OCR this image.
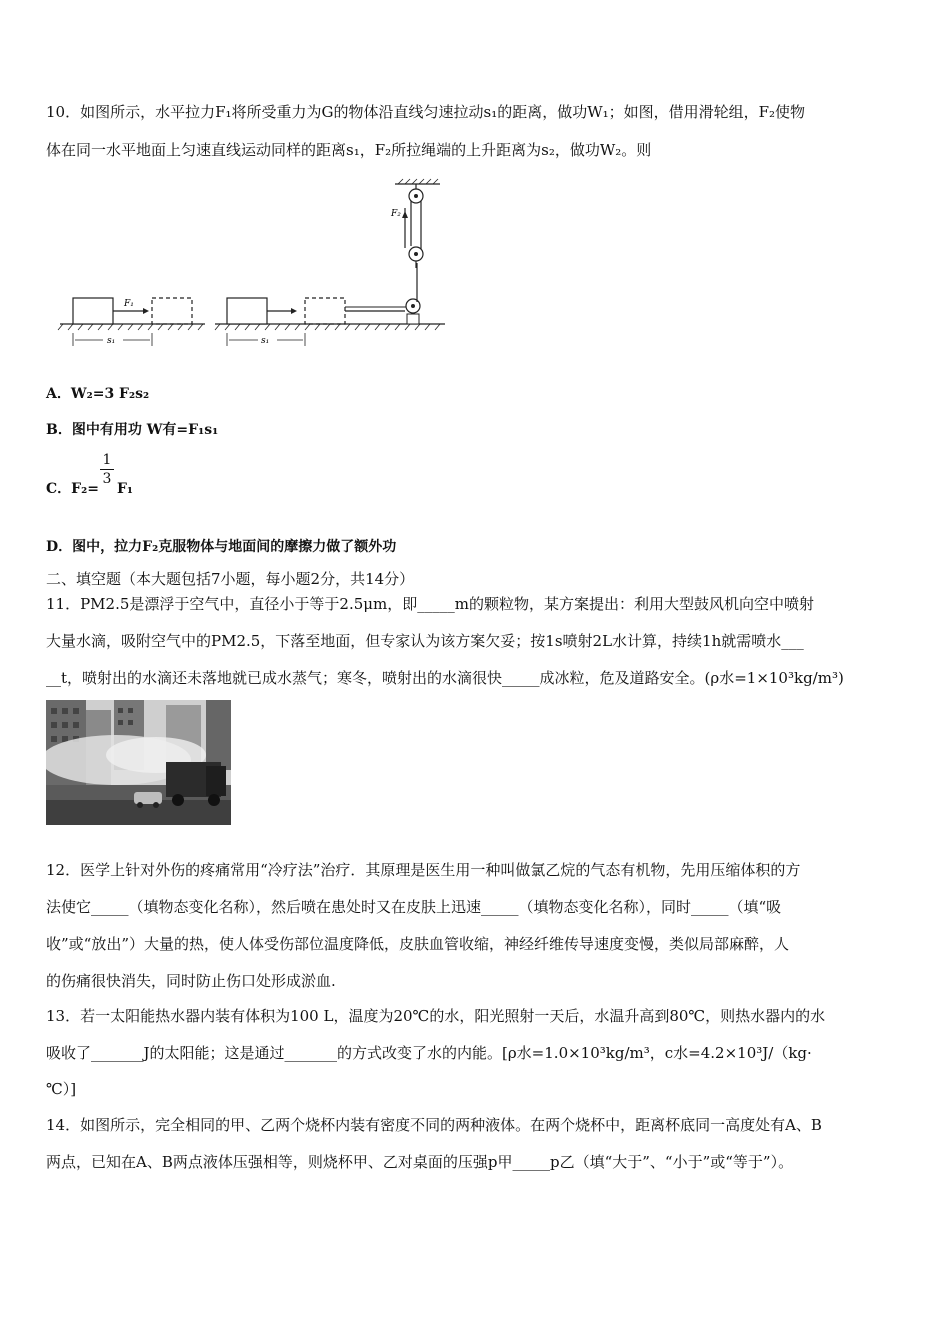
10．如图所示，水平拉力F₁将所受重力为G的物体沿直线匀速拉动s₁的距离，做功W₁；如图，借用滑轮组，F₂使物
体在同一水平地面上匀速直线运动同样的距离s₁，F₂所拉绳端的上升距离为s₂，做功W₂。则
F₁
s₁
F₂
s₁
A．W₂=3 F₂s₂
B．图中有用功 W有=F₁s₁
C．F₂= F₁
1
3
D．图中，拉力F₂克服物体与地面间的摩擦力做了额外功
二、填空题（本大题包括7小题，每小题2分，共14分）
11．PM2.5是漂浮于空气中，直径小于等于2.5μm，即_____m的颗粒物，某方案提出：利用大型鼓风机向空中喷射
大量水滴，吸附空气中的PM2.5，下落至地面，但专家认为该方案欠妥；按1s喷射2L水计算，持续1h就需喷水___
__t，喷射出的水滴还未落地就已成水蒸气；寒冬，喷射出的水滴很快_____成冰粒，危及道路安全。(ρ水=1×10³kg/m³)
12．医学上针对外伤的疼痛常用“冷疗法”治疗．其原理是医生用一种叫做氯乙烷的气态有机物，先用压缩体积的方
法使它_____（填物态变化名称），然后喷在患处时又在皮肤上迅速_____（填物态变化名称），同时_____（填“吸
收”或“放出”）大量的热，使人体受伤部位温度降低，皮肤血管收缩，神经纤维传导速度变慢，类似局部麻醉，人
的伤痛很快消失，同时防止伤口处形成淤血.
13．若一太阳能热水器内装有体积为100 L，温度为20℃的水，阳光照射一天后，水温升高到80℃，则热水器内的水
吸收了_______J的太阳能；这是通过_______的方式改变了水的内能。[ρ水=1.0×10³kg/m³，c水=4.2×10³J/（kg·
℃）]
14．如图所示，完全相同的甲、乙两个烧杯内装有密度不同的两种液体。在两个烧杯中，距离杯底同一高度处有A、B
两点，已知在A、B两点液体压强相等，则烧杯甲、乙对桌面的压强p甲_____p乙（填“大于”、“小于”或“等于”）。
